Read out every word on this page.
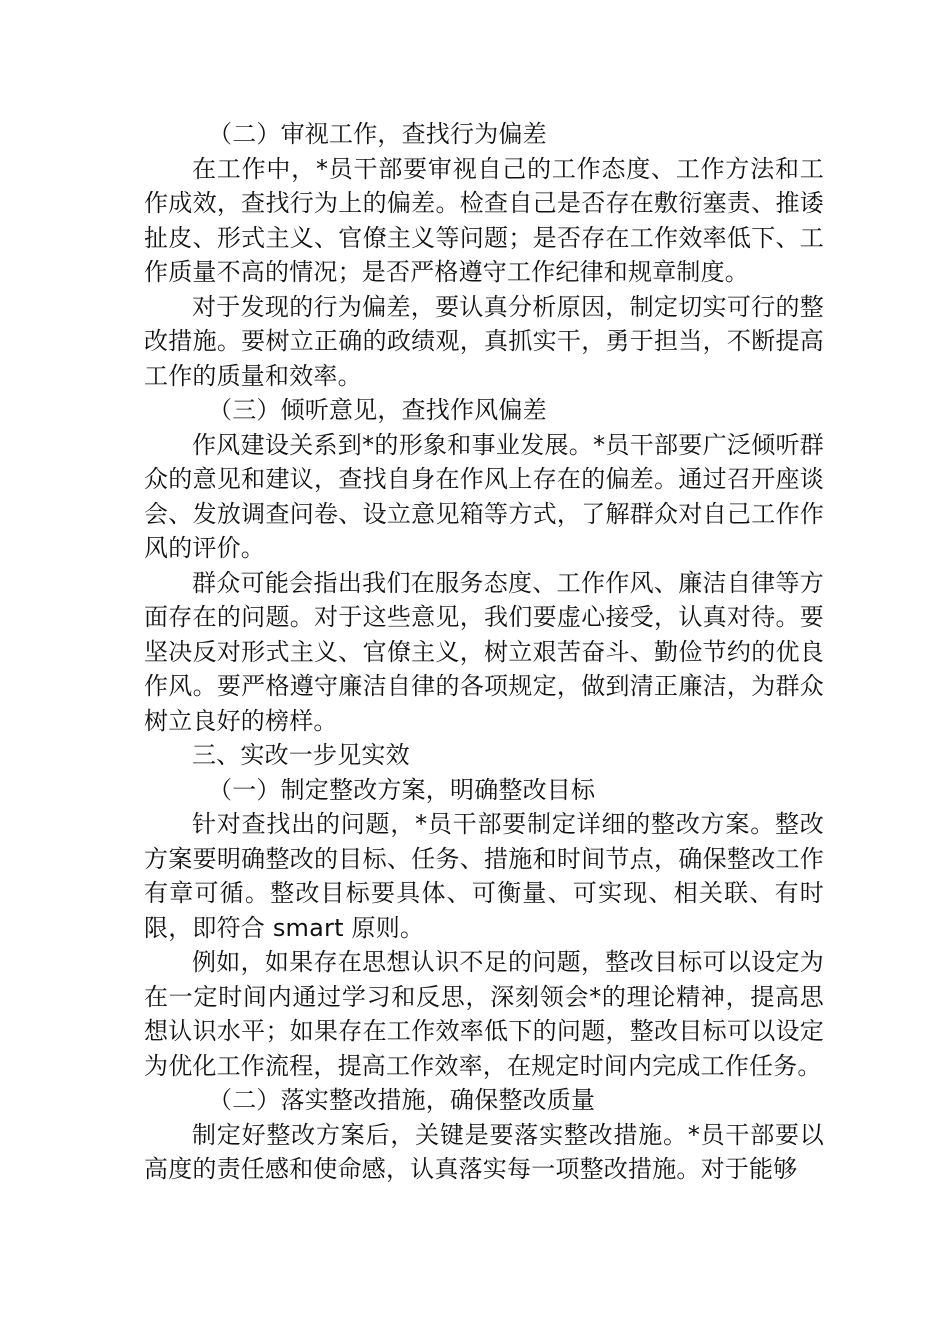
（二）审视工作，查找行为偏差

在工作中，*员干部要审视自己的工作态度、工作方法和工作成效，查找行为上的偏差。检查自己是否存在敷衍塞责、推诿扯皮、形式主义、官僚主义等问题；是否存在工作效率低下、工作质量不高的情况；是否严格遵守工作纪律和规章制度。

对于发现的行为偏差，要认真分析原因，制定切实可行的整改措施。要树立正确的政绩观，真抓实干，勇于担当，不断提高工作的质量和效率。

（三）倾听意见，查找作风偏差

作风建设关系到*的形象和事业发展。*员干部要广泛倾听群众的意见和建议，查找自身在作风上存在的偏差。通过召开座谈会、发放调查问卷、设立意见箱等方式，了解群众对自己工作作风的评价。

群众可能会指出我们在服务态度、工作作风、廉洁自律等方面存在的问题。对于这些意见，我们要虚心接受，认真对待。要坚决反对形式主义、官僚主义，树立艰苦奋斗、勤俭节约的优良作风。要严格遵守廉洁自律的各项规定，做到清正廉洁，为群众树立良好的榜样。

三、实改一步见实效

（一）制定整改方案，明确整改目标

针对查找出的问题，*员干部要制定详细的整改方案。整改方案要明确整改的目标、任务、措施和时间节点，确保整改工作有章可循。整改目标要具体、可衡量、可实现、相关联、有时限，即符合 smart 原则。

例如，如果存在思想认识不足的问题，整改目标可以设定为在一定时间内通过学习和反思，深刻领会*的理论精神，提高思想认识水平；如果存在工作效率低下的问题，整改目标可以设定为优化工作流程，提高工作效率，在规定时间内完成工作任务。

（二）落实整改措施，确保整改质量

制定好整改方案后，关键是要落实整改措施。*员干部要以高度的责任感和使命感，认真落实每一项整改措施。对于能够
